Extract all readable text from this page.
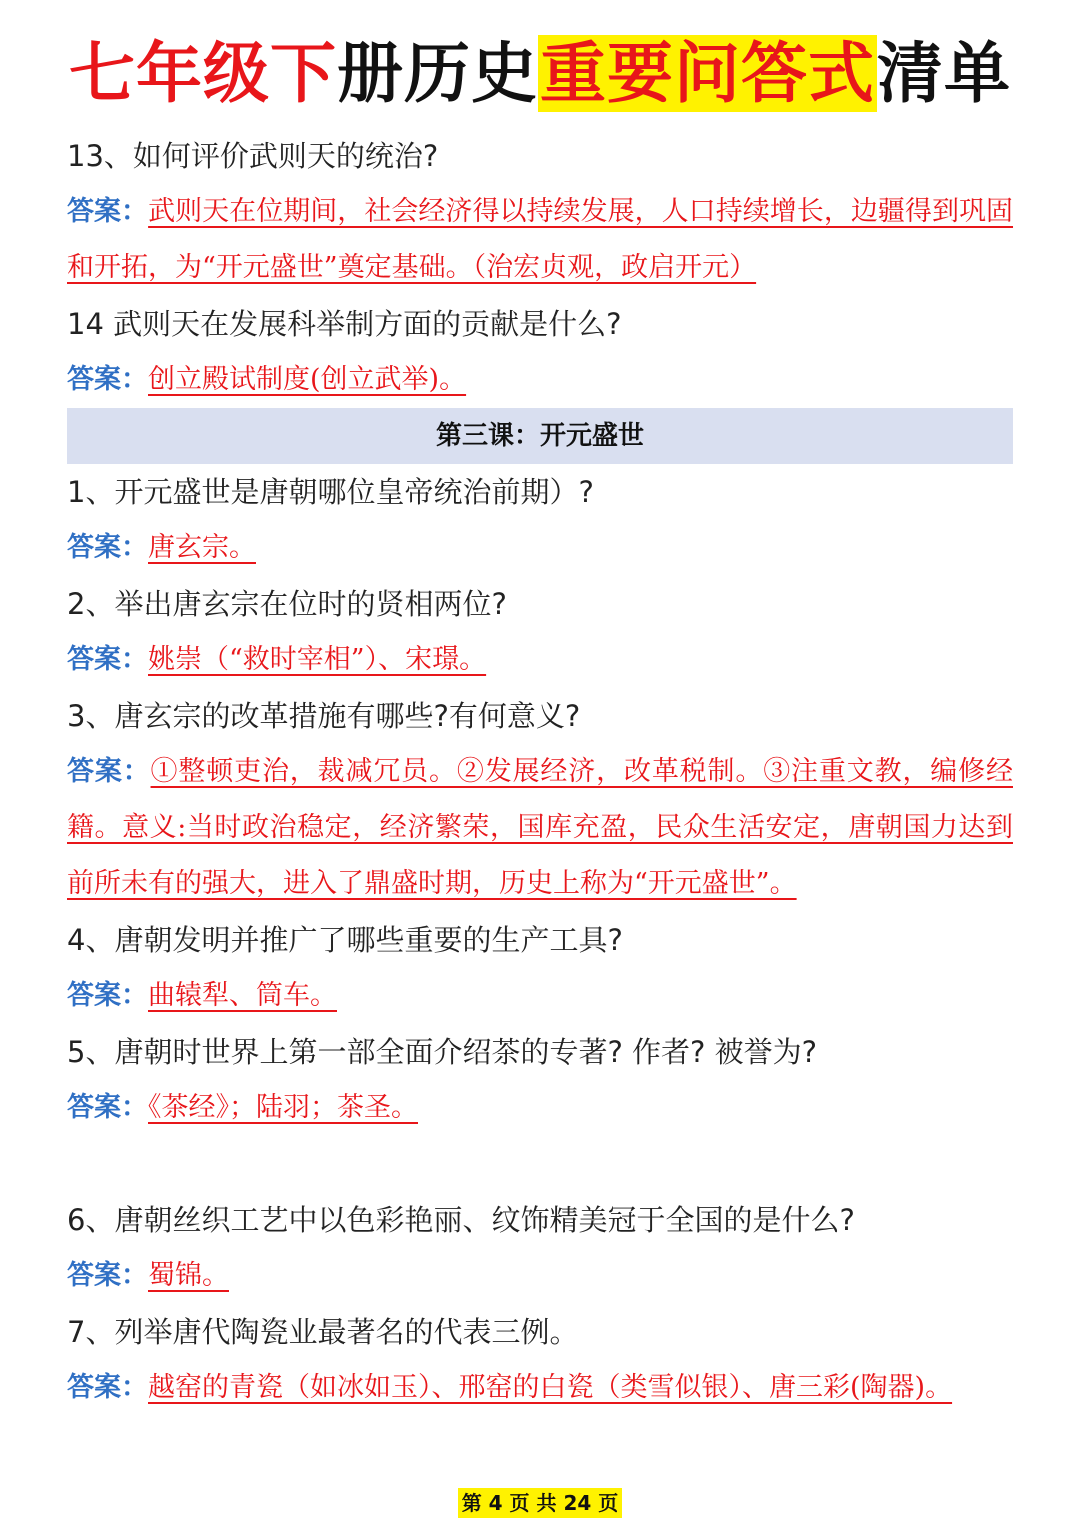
七年级下册历史重要问答式清单
13、如何评价武则天的统治?
答案：武则天在位期间，社会经济得以持续发展，人口持续增长，边疆得到巩固和开拓，为“开元盛世”奠定基础。（治宏贞观，政启开元）
14 武则天在发展科举制方面的贡献是什么?
答案：创立殿试制度(创立武举)。
第三课：开元盛世
1、开元盛世是唐朝哪位皇帝统治前期）?
答案：唐玄宗。
2、举出唐玄宗在位时的贤相两位?
答案：姚崇（“救时宰相”）、宋璟。
3、唐玄宗的改革措施有哪些?有何意义?
答案：①整顿吏治，裁减冗员。②发展经济，改革税制。③注重文教，编修经籍。意义:当时政治稳定，经济繁荣，国库充盈，民众生活安定，唐朝国力达到前所未有的强大，进入了鼎盛时期，历史上称为“开元盛世”。
4、唐朝发明并推广了哪些重要的生产工具?
答案：曲辕犁、筒车。
5、唐朝时世界上第一部全面介绍茶的专著? 作者? 被誉为?
答案：《茶经》；陆羽；茶圣。
6、唐朝丝织工艺中以色彩艳丽、纹饰精美冠于全国的是什么?
答案：蜀锦。
7、列举唐代陶瓷业最著名的代表三例。
答案：越窑的青瓷（如冰如玉）、邢窑的白瓷（类雪似银）、唐三彩(陶器)。
第 4 页 共 24 页
